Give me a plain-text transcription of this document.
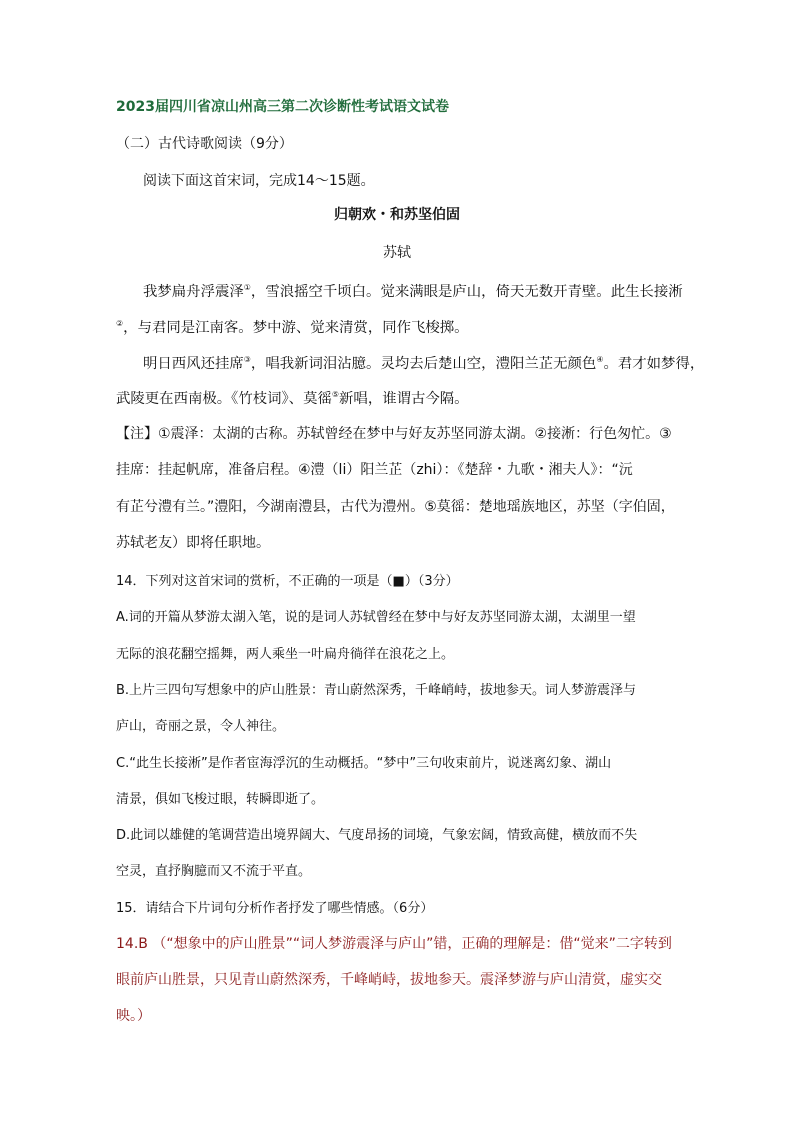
2023届四川省凉山州高三第二次诊断性考试语文试卷
（二）古代诗歌阅读（9分）
阅读下面这首宋词，完成14～15题。
归朝欢・和苏坚伯固
苏轼
我梦扁舟浮震泽①，雪浪摇空千顷白。觉来满眼是庐山，倚天无数开青壁。此生长接淅
②，与君同是江南客。梦中游、觉来清赏，同作飞梭掷。
明日西风还挂席③，唱我新词泪沾臆。灵均去后楚山空，澧阳兰芷无颜色④。君才如梦得，
武陵更在西南极。《竹枝词》、莫徭⑤新唱，谁谓古今隔。
【注】①震泽：太湖的古称。苏轼曾经在梦中与好友苏坚同游太湖。②接淅：行色匆忙。③
挂席：挂起帆席，准备启程。④澧（li）阳兰芷（zhi）：《楚辞・九歌・湘夫人》：“沅
有芷兮澧有兰。”澧阳，今湖南澧县，古代为澧州。⑤莫徭：楚地瑶族地区，苏坚（字伯固，
苏轼老友）即将任职地。
14．下列对这首宋词的赏析，不正确的一项是（■）（3分）
A.词的开篇从梦游太湖入笔，说的是词人苏轼曾经在梦中与好友苏坚同游太湖，太湖里一望
无际的浪花翻空摇舞，两人乘坐一叶扁舟徜徉在浪花之上。
B.上片三四句写想象中的庐山胜景：青山蔚然深秀，千峰峭峙，拔地参天。词人梦游震泽与
庐山，奇丽之景，令人神往。
C.“此生长接淅”是作者宦海浮沉的生动概括。“梦中”三句收束前片，说迷离幻象、湖山
清景，俱如飞梭过眼，转瞬即逝了。
D.此词以雄健的笔调营造出境界阔大、气度昂扬的词境，气象宏阔，情致高健，横放而不失
空灵，直抒胸臆而又不流于平直。
15．请结合下片词句分析作者抒发了哪些情感。（6分）
14.B （“想象中的庐山胜景”“词人梦游震泽与庐山”错，正确的理解是：借“觉来”二字转到
眼前庐山胜景，只见青山蔚然深秀，千峰峭峙，拔地参天。震泽梦游与庐山清赏，虚实交
映。）
